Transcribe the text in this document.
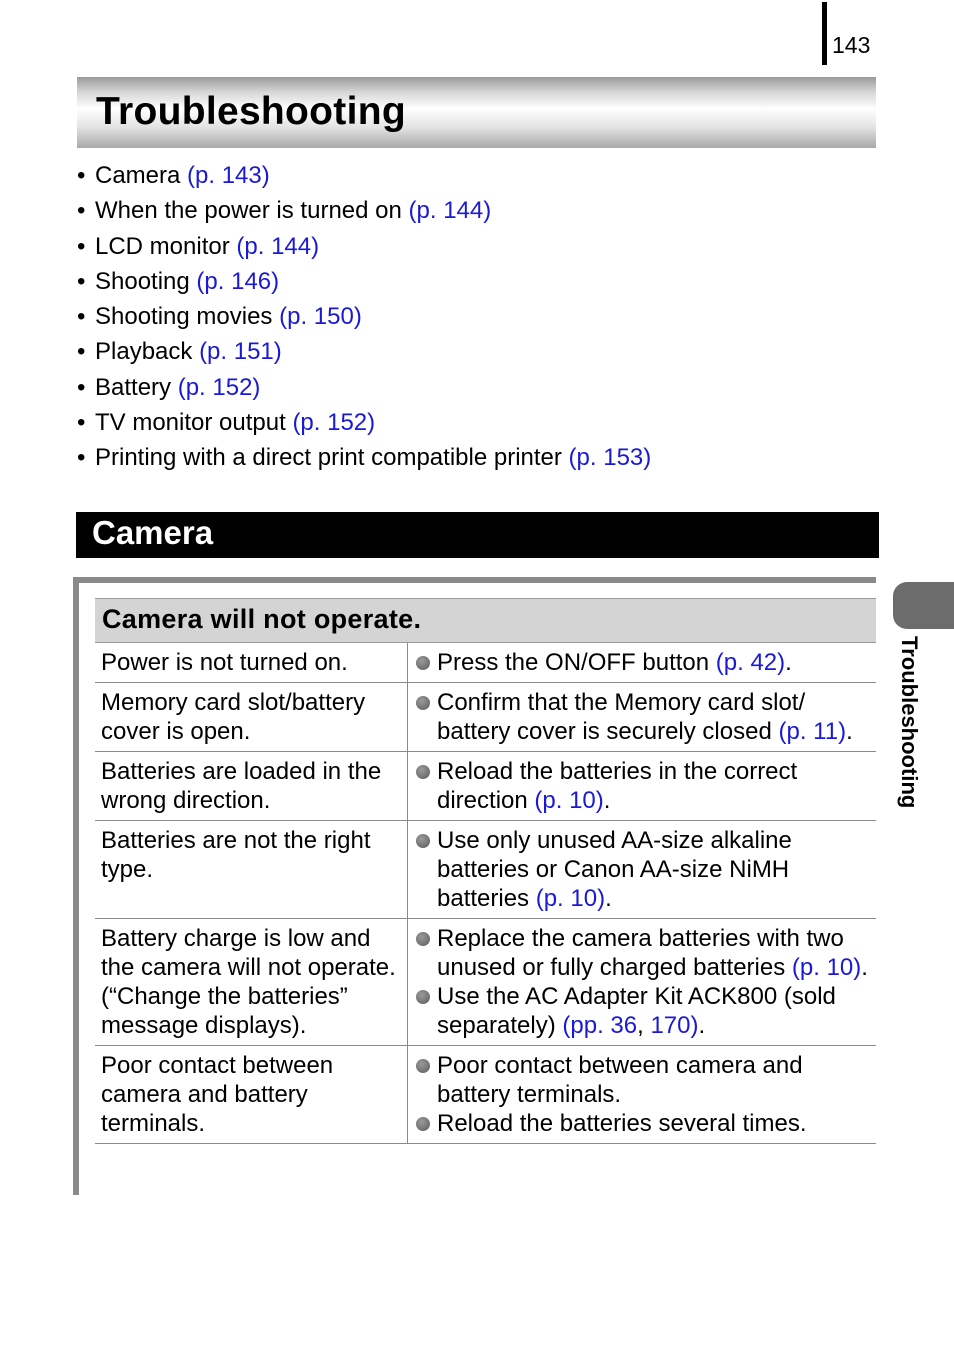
143
Troubleshooting
• Camera (p. 143)
• When the power is turned on (p. 144)
• LCD monitor (p. 144)
• Shooting (p. 146)
• Shooting movies (p. 150)
• Playback (p. 151)
• Battery (p. 152)
• TV monitor output (p. 152)
• Printing with a direct print compatible printer (p. 153)
Camera
Camera will not operate.
Power is not turned on.	Press the ON/OFF button (p. 42).

Memory card slot/battery cover is open.	Confirm that the Memory card slot/ battery cover is securely closed (p. 11).

Batteries are loaded in the wrong direction.	Reload the batteries in the correct direction (p. 10).

Batteries are not the right type.	Use only unused AA-size alkaline batteries or Canon AA-size NiMH batteries (p. 10).

Battery charge is low and the camera will not operate. (“Change the batteries” message displays).	Replace the camera batteries with two unused or fully charged batteries (p. 10).
Use the AC Adapter Kit ACK800 (sold separately) (pp. 36, 170).

Poor contact between camera and battery terminals.	Poor contact between camera and battery terminals.
Reload the batteries several times.
Troubleshooting
